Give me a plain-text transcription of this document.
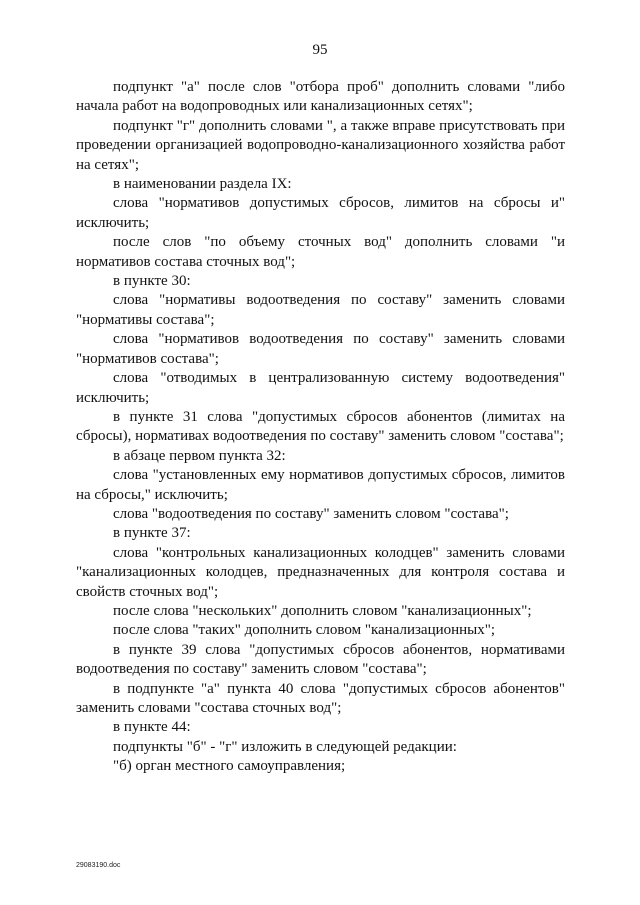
95

подпункт "а" после слов "отбора проб" дополнить словами "либо начала работ на водопроводных или канализационных сетях";

подпункт "г" дополнить словами ", а также вправе присутствовать при проведении организацией водопроводно-канализационного хозяйства работ на сетях";

в наименовании раздела IX:

слова "нормативов допустимых сбросов, лимитов на сбросы и" исключить;

после слов "по объему сточных вод" дополнить словами "и нормативов состава сточных вод";

в пункте 30:

слова "нормативы водоотведения по составу" заменить словами "нормативы состава";

слова "нормативов водоотведения по составу" заменить словами "нормативов состава";

слова "отводимых в централизованную систему водоотведения" исключить;

в пункте 31 слова "допустимых сбросов абонентов (лимитах на сбросы), нормативах водоотведения по составу" заменить словом "состава";

в абзаце первом пункта 32:

слова "установленных ему нормативов допустимых сбросов, лимитов на сбросы," исключить;

слова "водоотведения по составу" заменить словом "состава";

в пункте 37:

слова "контрольных канализационных колодцев" заменить словами "канализационных колодцев, предназначенных для контроля состава и свойств сточных вод";

после слова "нескольких" дополнить словом "канализационных";

после слова "таких" дополнить словом "канализационных";

в пункте 39 слова "допустимых сбросов абонентов, нормативами водоотведения по составу" заменить словом "состава";

в подпункте "а" пункта 40 слова "допустимых сбросов абонентов" заменить словами "состава сточных вод";

в пункте 44:

подпункты "б" - "г" изложить в следующей редакции:

"б) орган местного самоуправления;

29083190.doc
